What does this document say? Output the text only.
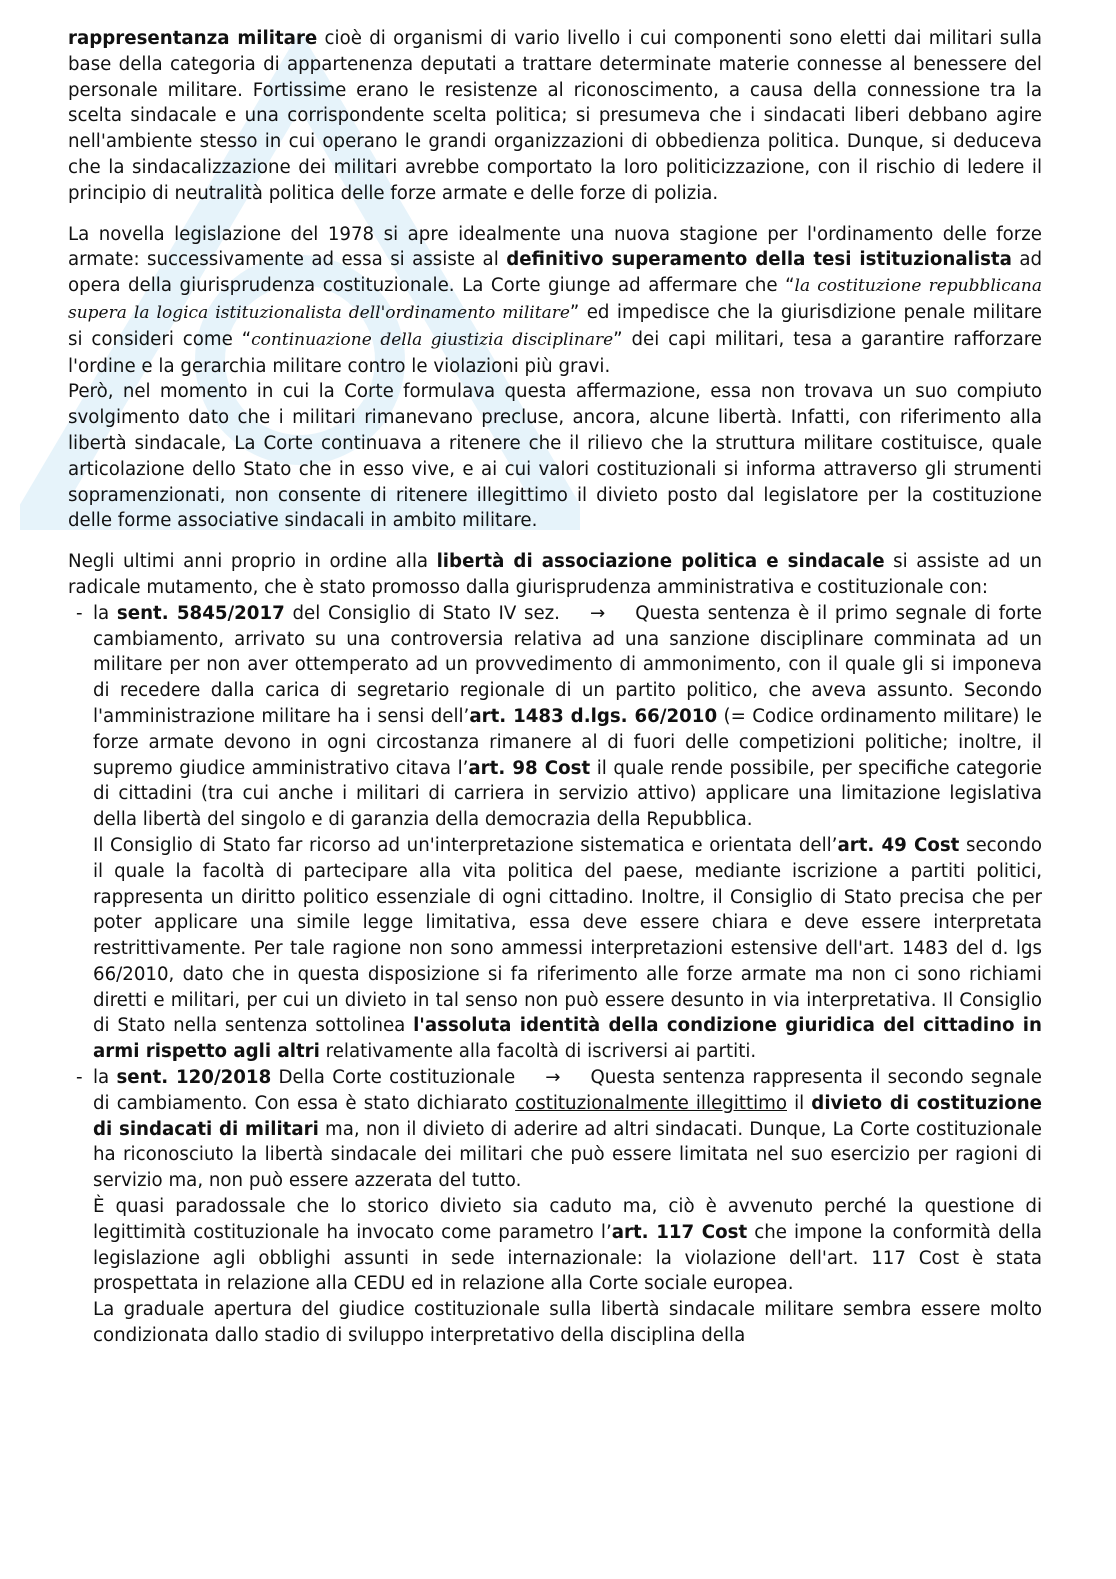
rappresentanza militare cioè di organismi di vario livello i cui componenti sono eletti dai militari sulla base della categoria di appartenenza deputati a trattare determinate materie connesse al benessere del personale militare. Fortissime erano le resistenze al riconoscimento, a causa della connessione tra la scelta sindacale e una corrispondente scelta politica; si presumeva che i sindacati liberi debbano agire nell'ambiente stesso in cui operano le grandi organizzazioni di obbedienza politica. Dunque, si deduceva che la sindacalizzazione dei militari avrebbe comportato la loro politicizzazione, con il rischio di ledere il principio di neutralità politica delle forze armate e delle forze di polizia.

La novella legislazione del 1978 si apre idealmente una nuova stagione per l'ordinamento delle forze armate: successivamente ad essa si assiste al definitivo superamento della tesi istituzionalista ad opera della giurisprudenza costituzionale. La Corte giunge ad affermare che “la costituzione repubblicana supera la logica istituzionalista dell'ordinamento militare” ed impedisce che la giurisdizione penale militare si consideri come “continuazione della giustizia disciplinare” dei capi militari, tesa a garantire rafforzare l'ordine e la gerarchia militare contro le violazioni più gravi.

Però, nel momento in cui la Corte formulava questa affermazione, essa non trovava un suo compiuto svolgimento dato che i militari rimanevano precluse, ancora, alcune libertà. Infatti, con riferimento alla libertà sindacale, La Corte continuava a ritenere che il rilievo che la struttura militare costituisce, quale articolazione dello Stato che in esso vive, e ai cui valori costituzionali si informa attraverso gli strumenti sopramenzionati, non consente di ritenere illegittimo il divieto posto dal legislatore per la costituzione delle forme associative sindacali in ambito militare.

Negli ultimi anni proprio in ordine alla libertà di associazione politica e sindacale si assiste ad un radicale mutamento, che è stato promosso dalla giurisprudenza amministrativa e costituzionale con:

- la sent. 5845/2017 del Consiglio di Stato IV sez. → Questa sentenza è il primo segnale di forte cambiamento, arrivato su una controversia relativa ad una sanzione disciplinare comminata ad un militare per non aver ottemperato ad un provvedimento di ammonimento, con il quale gli si imponeva di recedere dalla carica di segretario regionale di un partito politico, che aveva assunto. Secondo l'amministrazione militare ha i sensi dell’art. 1483 d.lgs. 66/2010 (= Codice ordinamento militare) le forze armate devono in ogni circostanza rimanere al di fuori delle competizioni politiche; inoltre, il supremo giudice amministrativo citava l’art. 98 Cost il quale rende possibile, per specifiche categorie di cittadini (tra cui anche i militari di carriera in servizio attivo) applicare una limitazione legislativa della libertà del singolo e di garanzia della democrazia della Repubblica.
Il Consiglio di Stato far ricorso ad un'interpretazione sistematica e orientata dell’art. 49 Cost secondo il quale la facoltà di partecipare alla vita politica del paese, mediante iscrizione a partiti politici, rappresenta un diritto politico essenziale di ogni cittadino. Inoltre, il Consiglio di Stato precisa che per poter applicare una simile legge limitativa, essa deve essere chiara e deve essere interpretata restrittivamente. Per tale ragione non sono ammessi interpretazioni estensive dell'art. 1483 del d. lgs 66/2010, dato che in questa disposizione si fa riferimento alle forze armate ma non ci sono richiami diretti e militari, per cui un divieto in tal senso non può essere desunto in via interpretativa. Il Consiglio di Stato nella sentenza sottolinea l'assoluta identità della condizione giuridica del cittadino in armi rispetto agli altri relativamente alla facoltà di iscriversi ai partiti.
- la sent. 120/2018 Della Corte costituzionale → Questa sentenza rappresenta il secondo segnale di cambiamento. Con essa è stato dichiarato costituzionalmente illegittimo il divieto di costituzione di sindacati di militari ma, non il divieto di aderire ad altri sindacati. Dunque, La Corte costituzionale ha riconosciuto la libertà sindacale dei militari che può essere limitata nel suo esercizio per ragioni di servizio ma, non può essere azzerata del tutto.
È quasi paradossale che lo storico divieto sia caduto ma, ciò è avvenuto perché la questione di legittimità costituzionale ha invocato come parametro l’art. 117 Cost che impone la conformità della legislazione agli obblighi assunti in sede internazionale: la violazione dell'art. 117 Cost è stata prospettata in relazione alla CEDU ed in relazione alla Corte sociale europea.
La graduale apertura del giudice costituzionale sulla libertà sindacale militare sembra essere molto condizionata dallo stadio di sviluppo interpretativo della disciplina della
